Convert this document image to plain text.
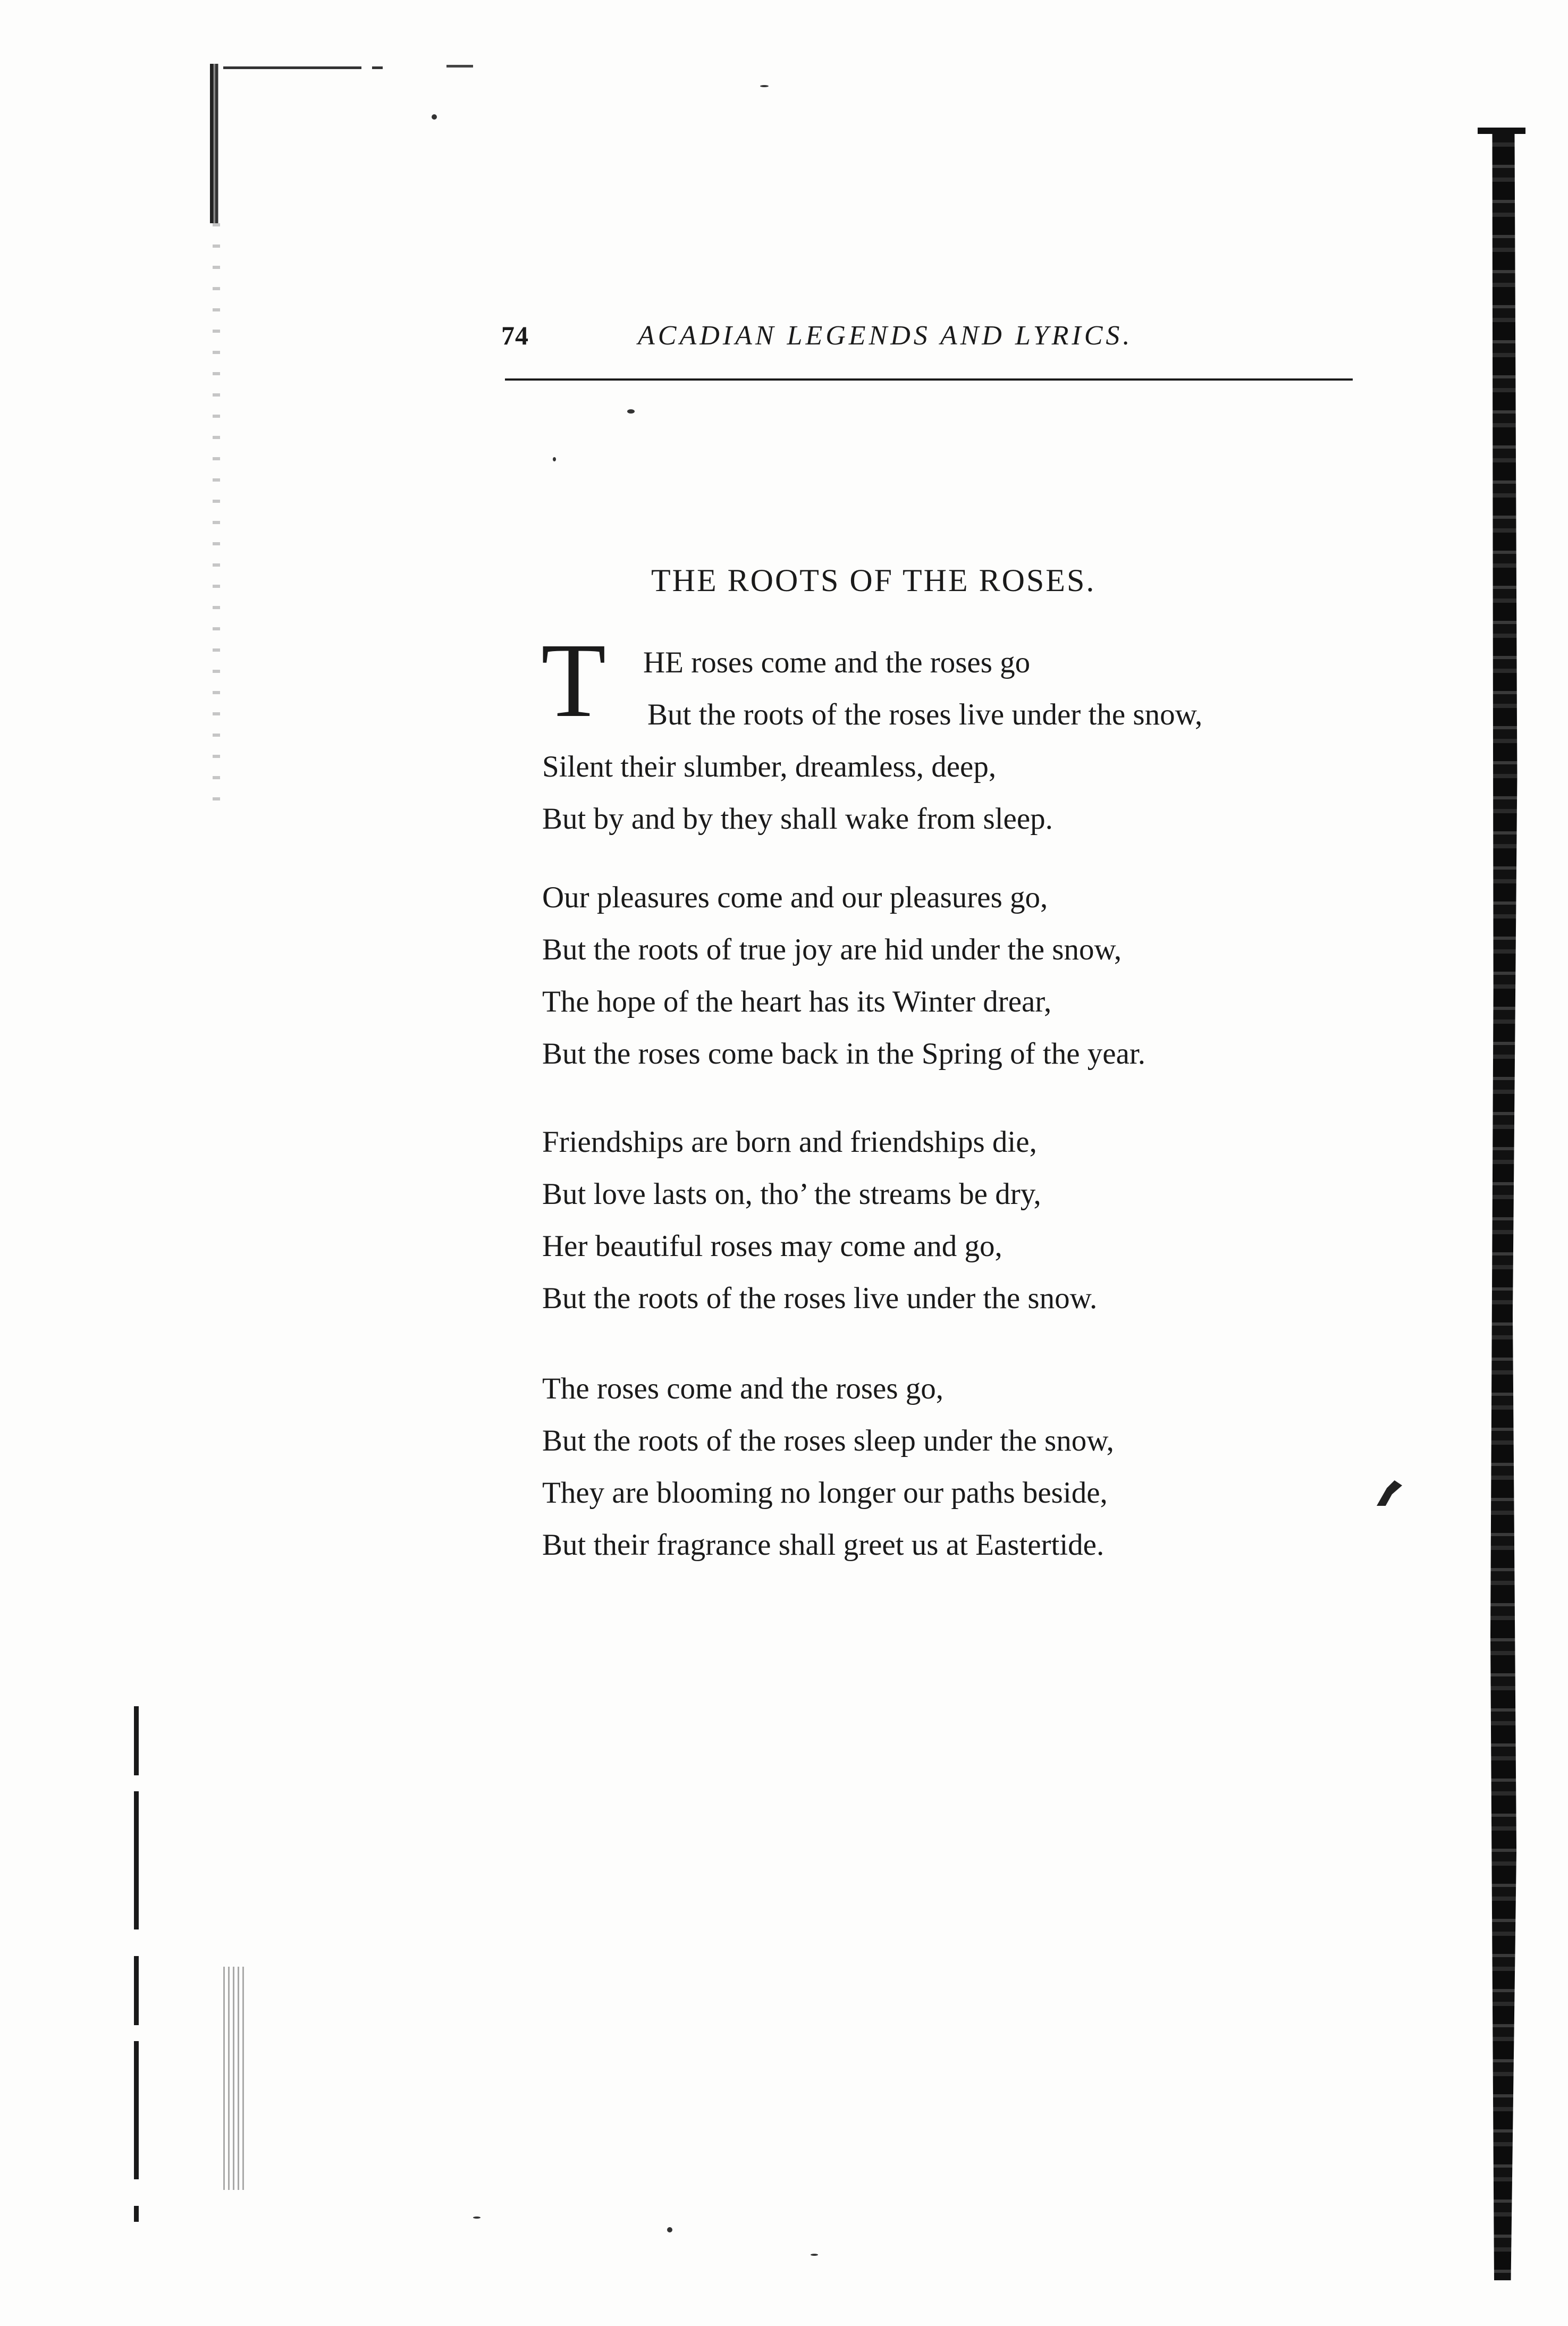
74	ACADIAN LEGENDS AND LYRICS.
THE ROOTS OF THE ROSES.
T HE roses come and the roses go
But the roots of the roses live under the snow,
Silent their slumber, dreamless, deep,
But by and by they shall wake from sleep.
Our pleasures come and our pleasures go,
But the roots of true joy are hid under the snow,
The hope of the heart has its Winter drear,
But the roses come back in the Spring of the year.
Friendships are born and friendships die,
But love lasts on, tho’ the streams be dry,
Her beautiful roses may come and go,
But the roots of the roses live under the snow.
The roses come and the roses go,
But the roots of the roses sleep under the snow,
They are blooming no longer our paths beside,
But their fragrance shall greet us at Eastertide.
